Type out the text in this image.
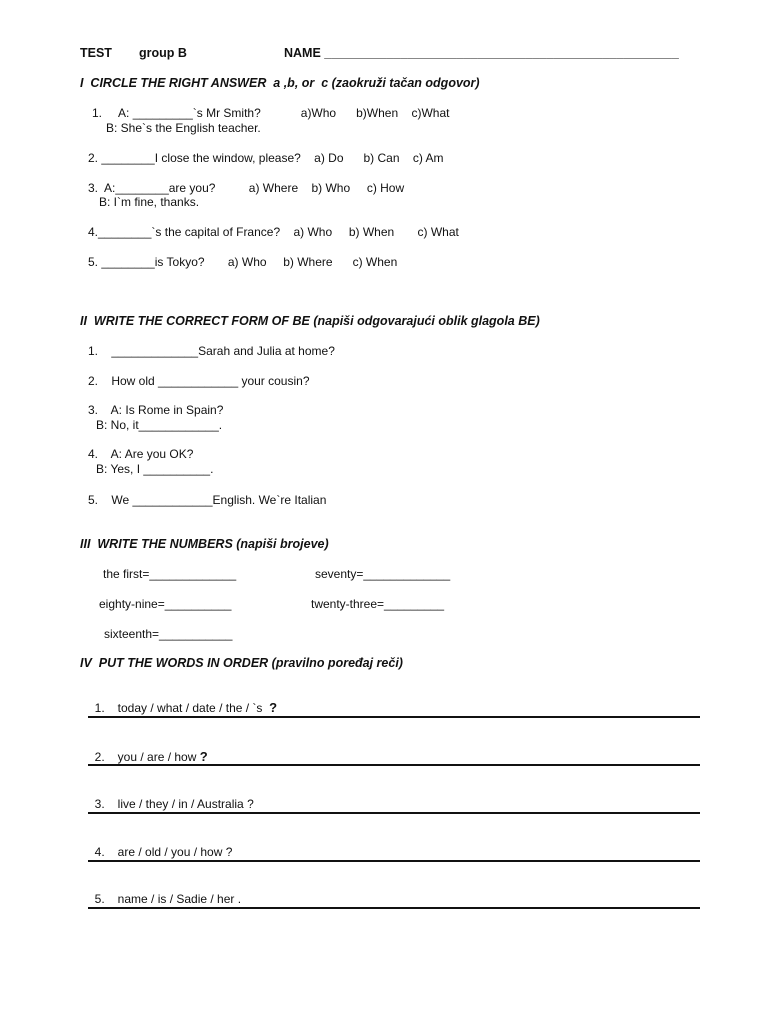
TEST group B	NAME ___________________________________________________
I  CIRCLE THE RIGHT ANSWER  a ,b, or  c (zaokruži tačan odgovor)
1.     A: _________`s Mr Smith?            a)Who      b)When    c)What
B: She`s the English teacher.
2. ________I close the window, please?    a) Do      b) Can    c) Am
3.  A:________are you?          a) Where    b) Who     c) How
B: I`m fine, thanks.
4.________`s the capital of France?    a) Who     b) When       c) What
5. ________is Tokyo?       a) Who     b) Where      c) When
II  WRITE THE CORRECT FORM OF BE (napiši odgovarajući oblik glagola BE)
1.    _____________Sarah and Julia at home?
2.    How old ____________ your cousin?
3.    A: Is Rome in Spain?
B: No, it____________.
4.    A: Are you OK?
B: Yes, I __________.
5.    We ____________English. We`re Italian
III  WRITE THE NUMBERS (napiši brojeve)
the first=_____________	seventy=_____________
eighty-nine=__________	twenty-three=_________
sixteenth=___________
IV  PUT THE WORDS IN ORDER (pravilno poređaj reči)

1. today / what / date / the / `s  ?

2. you / are / how ?

3. live / they / in / Australia ?

4. are / old / you / how ?

5. name / is / Sadie / her .
